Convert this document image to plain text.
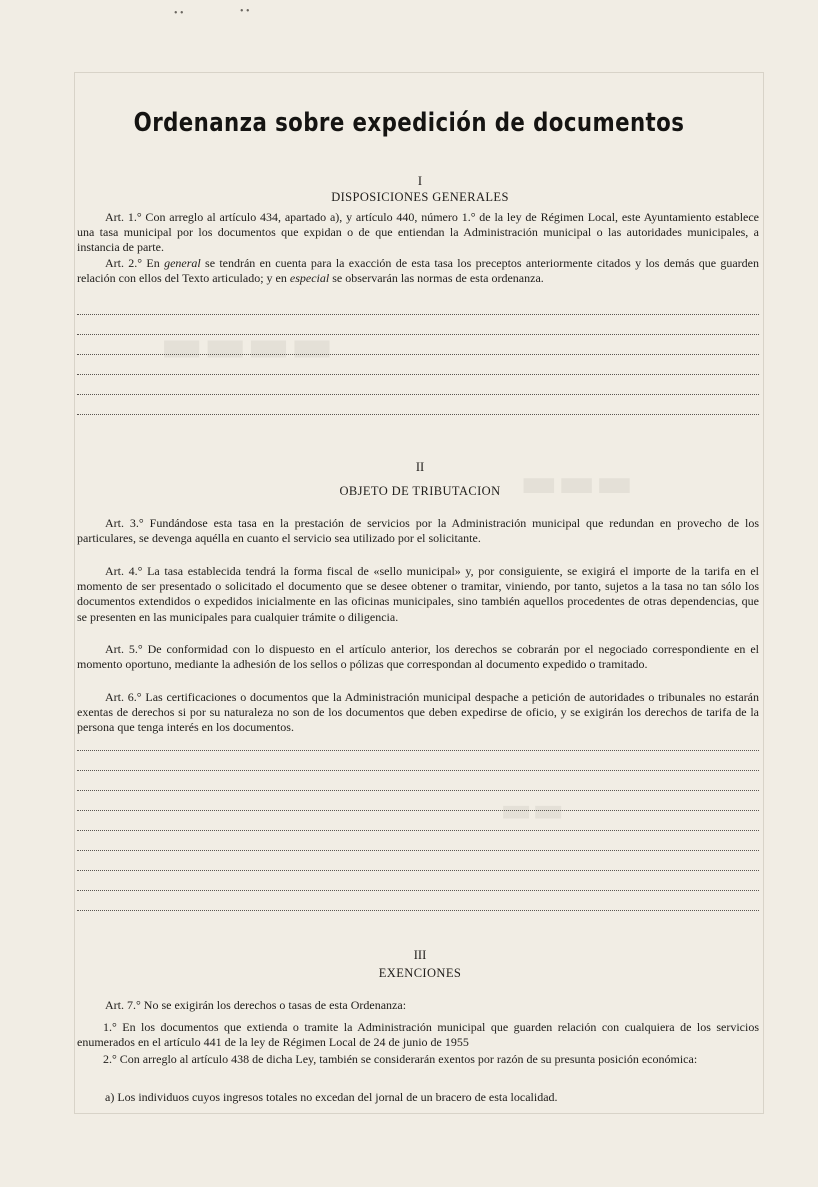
▬▬▬▬
▬▬▬
▬▬
• •	• •
Ordenanza sobre expedición de documentos
I
DISPOSICIONES GENERALES

Art. 1.° Con arreglo al artículo 434, apartado a), y artículo 440, número 1.° de la ley de Régimen Local, este Ayuntamiento establece una tasa municipal por los documentos que expidan o de que entiendan la Administración municipal o las autoridades municipales, a instancia de parte.

Art. 2.° En general se tendrán en cuenta para la exacción de esta tasa los preceptos anteriormente citados y los demás que guarden relación con ellos del Texto articulado; y en especial se observarán las normas de esta ordenanza.

II
OBJETO DE TRIBUTACION

Art. 3.° Fundándose esta tasa en la prestación de servicios por la Administración municipal que redundan en provecho de los particulares, se devenga aquélla en cuanto el servicio sea utilizado por el solicitante.

Art. 4.° La tasa establecida tendrá la forma fiscal de «sello municipal» y, por consiguiente, se exigirá el importe de la tarifa en el momento de ser presentado o solicitado el documento que se desee obtener o tramitar, viniendo, por tanto, sujetos a la tasa no tan sólo los documentos extendidos o expedidos inicialmente en las oficinas municipales, sino también aquellos procedentes de otras dependencias, que se presenten en las municipales para cualquier trámite o diligencia.

Art. 5.° De conformidad con lo dispuesto en el artículo anterior, los derechos se cobrarán por el negociado correspondiente en el momento oportuno, mediante la adhesión de los sellos o pólizas que correspondan al documento expedido o tramitado.

Art. 6.° Las certificaciones o documentos que la Administración municipal despache a petición de autoridades o tribunales no estarán exentas de derechos si por su naturaleza no son de los documentos que deben expedirse de oficio, y se exigirán los derechos de tarifa de la persona que tenga interés en los documentos.

III
EXENCIONES

Art. 7.° No se exigirán los derechos o tasas de esta Ordenanza:

1.° En los documentos que extienda o tramite la Administración municipal que guarden relación con cualquiera de los servicios enumerados en el artículo 441 de la ley de Régimen Local de 24 de junio de 1955

2.° Con arreglo al artículo 438 de dicha Ley, también se considerarán exentos por razón de su presunta posición económica:

a) Los individuos cuyos ingresos totales no excedan del jornal de un bracero de esta localidad.
